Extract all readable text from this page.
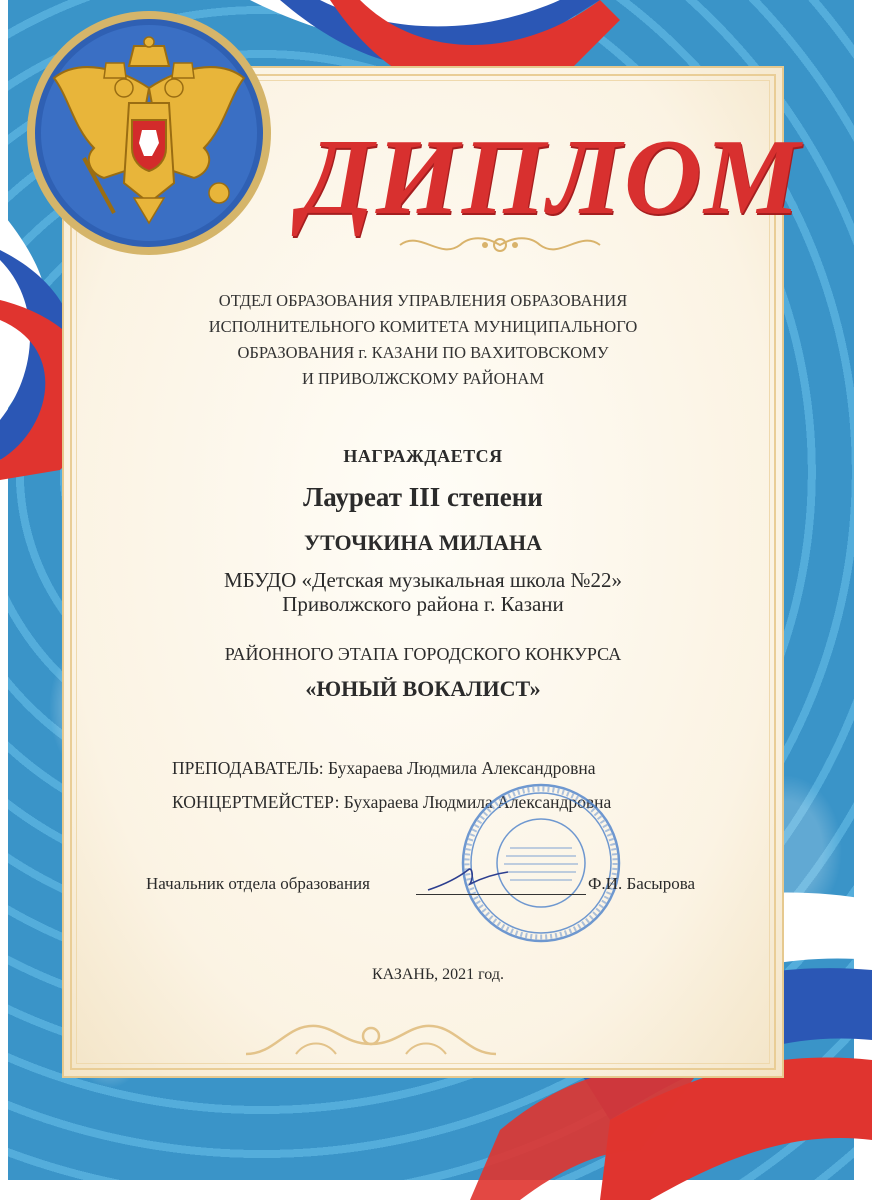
ДИПЛОМ
ОТДЕЛ ОБРАЗОВАНИЯ УПРАВЛЕНИЯ ОБРАЗОВАНИЯ
ИСПОЛНИТЕЛЬНОГО КОМИТЕТА МУНИЦИПАЛЬНОГО
ОБРАЗОВАНИЯ г. КАЗАНИ ПО ВАХИТОВСКОМУ
И ПРИВОЛЖСКОМУ РАЙОНАМ
НАГРАЖДАЕТСЯ
Лауреат III степени
УТОЧКИНА МИЛАНА
МБУДО «Детская музыкальная школа №22»
Приволжского района г. Казани
РАЙОННОГО ЭТАПА ГОРОДСКОГО КОНКУРСА
«ЮНЫЙ ВОКАЛИСТ»
ПРЕПОДАВАТЕЛЬ: Бухараева Людмила Александровна
КОНЦЕРТМЕЙСТЕР: Бухараева Людмила Александровна
Начальник отдела образования	Ф.И. Басырова
КАЗАНЬ, 2021 год.
